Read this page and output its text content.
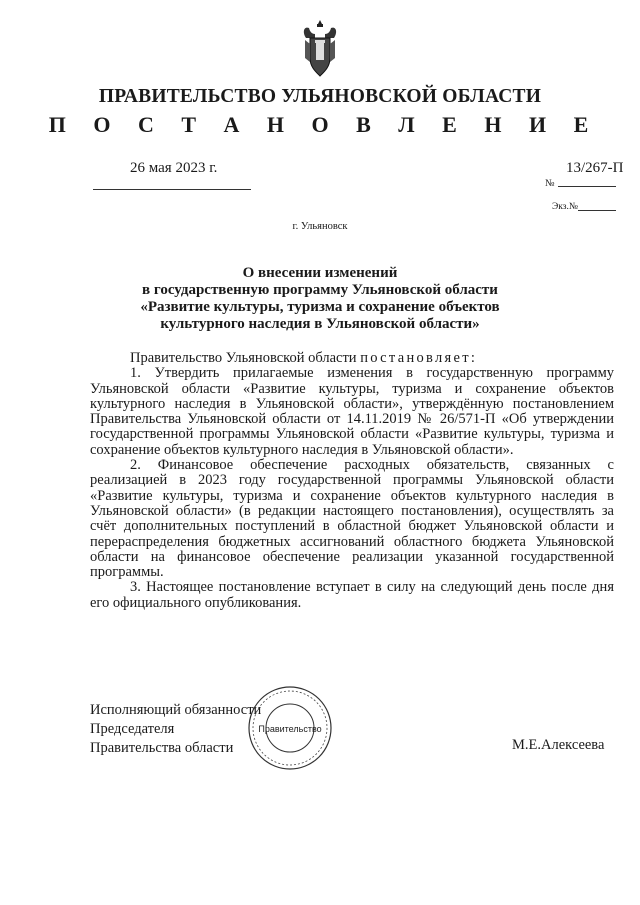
ПРАВИТЕЛЬСТВО УЛЬЯНОВСКОЙ ОБЛАСТИ
П О С Т А Н О В Л Е Н И Е
26 мая 2023 г.	13/267-П
№
Экз.№
г. Ульяновск
О внесении изменений
в государственную программу Ульяновской области
«Развитие культуры, туризма и сохранение объектов
культурного наследия в Ульяновской области»

Правительство Ульяновской области постановляет:

1. Утвердить прилагаемые изменения в государственную программу Ульяновской области «Развитие культуры, туризма и сохранение объектов культурного наследия в Ульяновской области», утверждённую постановлением Правительства Ульяновской области от 14.11.2019 № 26/571-П «Об утверждении государственной программы Ульяновской области «Развитие культуры, туризма и сохранение объектов культурного наследия в Ульяновской области».

2. Финансовое обеспечение расходных обязательств, связанных с реализацией в 2023 году государственной программы Ульяновской области «Развитие культуры, туризма и сохранение объектов культурного наследия в Ульяновской области» (в редакции настоящего постановления), осуществлять за счёт дополнительных поступлений в областной бюджет Ульяновской области и перераспределения бюджетных ассигнований областного бюджета Ульяновской области на финансовое обеспечение реализации указанной государственной программы.

3. Настоящее постановление вступает в силу на следующий день после дня его официального опубликования.

Исполняющий обязанности
Председателя
Правительства области
Правительство
М.Е.Алексеева
